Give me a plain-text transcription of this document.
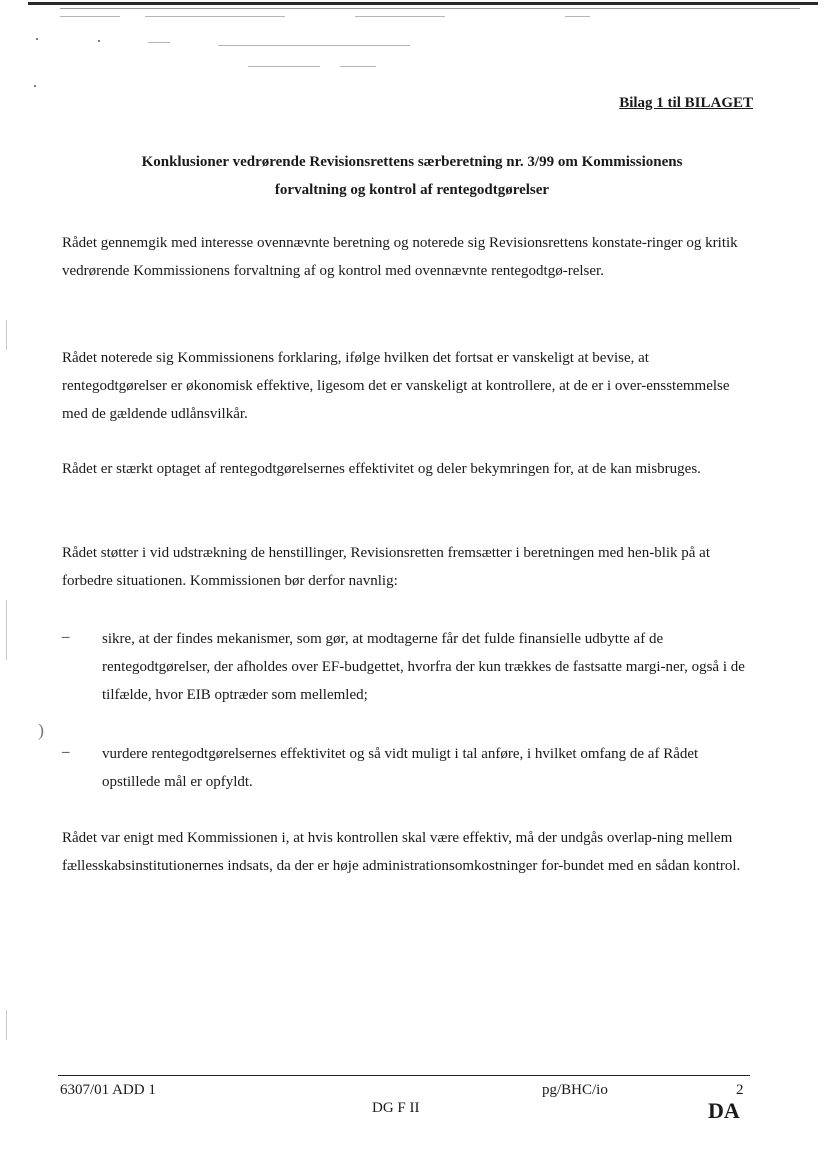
)
Bilag 1 til BILAGET
Konklusioner vedrørende Revisionsrettens særberetning nr. 3/99 om Kommissionens
forvaltning og kontrol af rentegodtgørelser

Rådet gennemgik med interesse ovennævnte beretning og noterede sig Revisionsrettens konstate-ringer og kritik vedrørende Kommissionens forvaltning af og kontrol med ovennævnte rentegodtgø-relser.

Rådet noterede sig Kommissionens forklaring, ifølge hvilken det fortsat er vanskeligt at bevise, at rentegodtgørelser er økonomisk effektive, ligesom det er vanskeligt at kontrollere, at de er i over-ensstemmelse med de gældende udlånsvilkår.

Rådet er stærkt optaget af rentegodtgørelsernes effektivitet og deler bekymringen for, at de kan misbruges.

Rådet støtter i vid udstrækning de henstillinger, Revisionsretten fremsætter i beretningen med hen-blik på at forbedre situationen. Kommissionen bør derfor navnlig:

– sikre, at der findes mekanismer, som gør, at modtagerne får det fulde finansielle udbytte af de rentegodtgørelser, der afholdes over EF-budgettet, hvorfra der kun trækkes de fastsatte margi-ner, også i de tilfælde, hvor EIB optræder som mellemled;

– vurdere rentegodtgørelsernes effektivitet og så vidt muligt i tal anføre, i hvilket omfang de af Rådet opstillede mål er opfyldt.

Rådet var enigt med Kommissionen i, at hvis kontrollen skal være effektiv, må der undgås overlap-ning mellem fællesskabsinstitutionernes indsats, da der er høje administrationsomkostninger for-bundet med en sådan kontrol.

6307/01 ADD 1	pg/BHC/io	2
DG F II	DA
